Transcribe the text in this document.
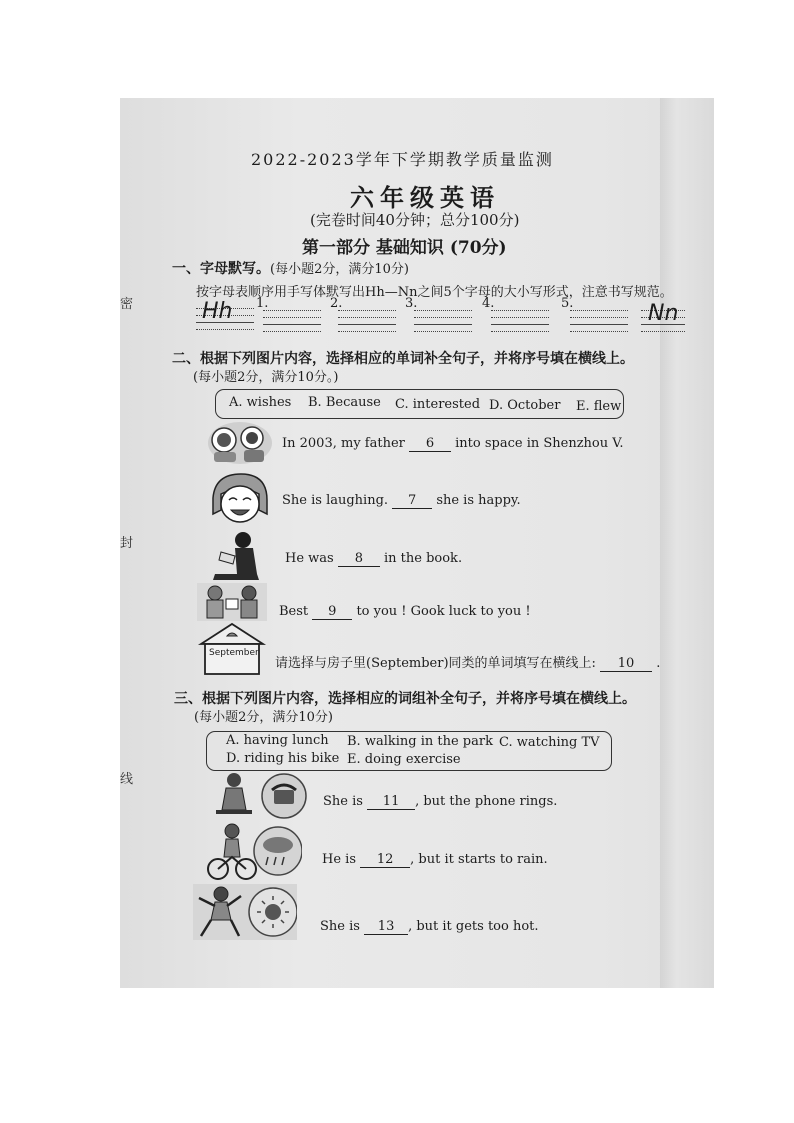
密
封
线
2022-2023学年下学期教学质量监测
六年级英语
(完卷时间40分钟；总分100分)
第一部分 基础知识 (70分)
一、字母默写。(每小题2分，满分10分)
按字母表顺序用手写体默写出Hh—Nn之间5个字母的大小写形式，注意书写规范。
Hh 1.	2.	3.	4.	5.	Nn
二、根据下列图片内容，选择相应的单词补全句子，并将序号填在横线上。
(每小题2分，满分10分。)
A. wishes B. Because C. interested D. October E. flew
In 2003, my father 6 into space in Shenzhou V.
She is laughing. 7 she is happy.
He was 8 in the book.
Best 9 to you ! Gook luck to you !
September
请选择与房子里(September)同类的单词填写在横线上: 10 .
三、根据下列图片内容，选择相应的词组补全句子，并将序号填在横线上。
(每小题2分，满分10分)
A. having lunch B. walking in the park C. watching TV
D. riding his bike E. doing exercise
She is 11 , but the phone rings.
He is 12 , but it starts to rain.
She is 13 , but it gets too hot.
